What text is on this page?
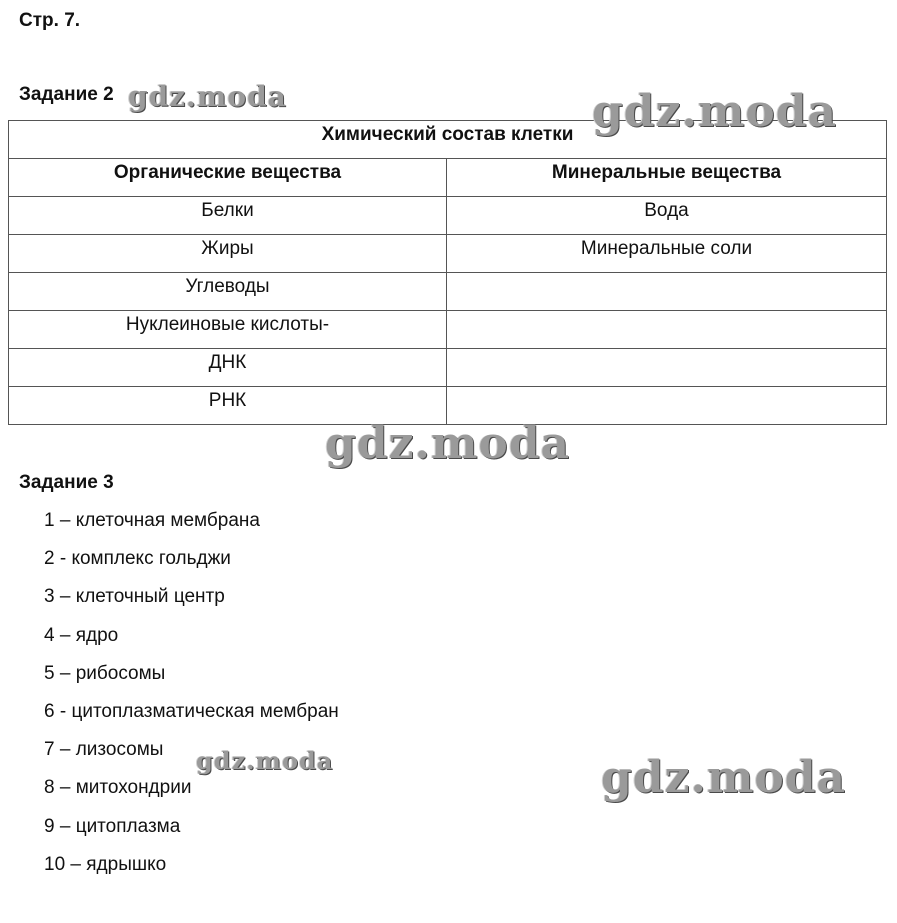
Стр. 7.
Задание 2
Химический состав клетки	
Органические вещества	Минеральные вещества
Белки	Вода
Жиры	Минеральные соли
Углеводы	
Нуклеиновые кислоты-	
ДНК	
РНК	
Задание 3
1 – клеточная мембрана
2 - комплекс гольджи
3 – клеточный центр
4 – ядро
5 – рибосомы
6 - цитоплазматическая мембран
7 – лизосомы
8 – митохондрии
9 – цитоплазма
10 – ядрышко
gdz.moda	gdz.moda
gdz.moda
gdz.moda	gdz.moda
